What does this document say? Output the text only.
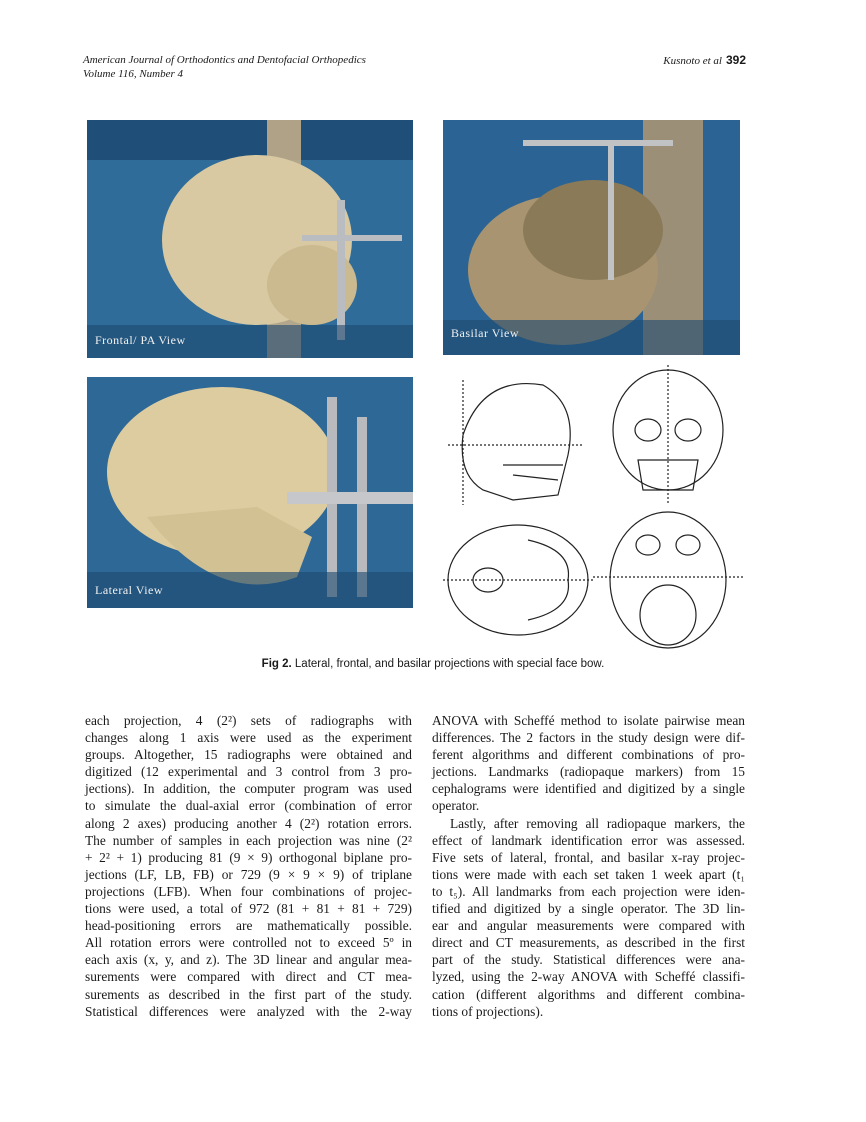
American Journal of Orthodontics and Dentofacial Orthopedics
Volume 116, Number 4
Kusnoto et al 392
Frontal/ PA View	Basilar View
Lateral View
Fig 2. Lateral, frontal, and basilar projections with special face bow.
each projection, 4 (2²) sets of radiographs with
changes along 1 axis were used as the experiment
groups. Altogether, 15 radiographs were obtained and
digitized (12 experimental and 3 control from 3 pro-
jections). In addition, the computer program was used
to simulate the dual-axial error (combination of error
along 2 axes) producing another 4 (2²) rotation errors.
The number of samples in each projection was nine (2²
+ 2² + 1) producing 81 (9 × 9) orthogonal biplane pro-
jections (LF, LB, FB) or 729 (9 × 9 × 9) of triplane
projections (LFB). When four combinations of projec-
tions were used, a total of 972 (81 + 81 + 81 + 729)
head-positioning errors are mathematically possible.
All rotation errors were controlled not to exceed 5º in
each axis (x, y, and z). The 3D linear and angular mea-
surements were compared with direct and CT mea-
surements as described in the first part of the study.
Statistical differences were analyzed with the 2-way
ANOVA with Scheffé method to isolate pairwise mean
differences. The 2 factors in the study design were dif-
ferent algorithms and different combinations of pro-
jections. Landmarks (radiopaque markers) from 15
cephalograms were identified and digitized by a single
operator.
Lastly, after removing all radiopaque markers, the
effect of landmark identification error was assessed.
Five sets of lateral, frontal, and basilar x-ray projec-
tions were made with each set taken 1 week apart (t₁
to t₅). All landmarks from each projection were iden-
tified and digitized by a single operator. The 3D lin-
ear and angular measurements were compared with
direct and CT measurements, as described in the first
part of the study. Statistical differences were ana-
lyzed, using the 2-way ANOVA with Scheffé classifi-
cation (different algorithms and different combina-
tions of projections).
